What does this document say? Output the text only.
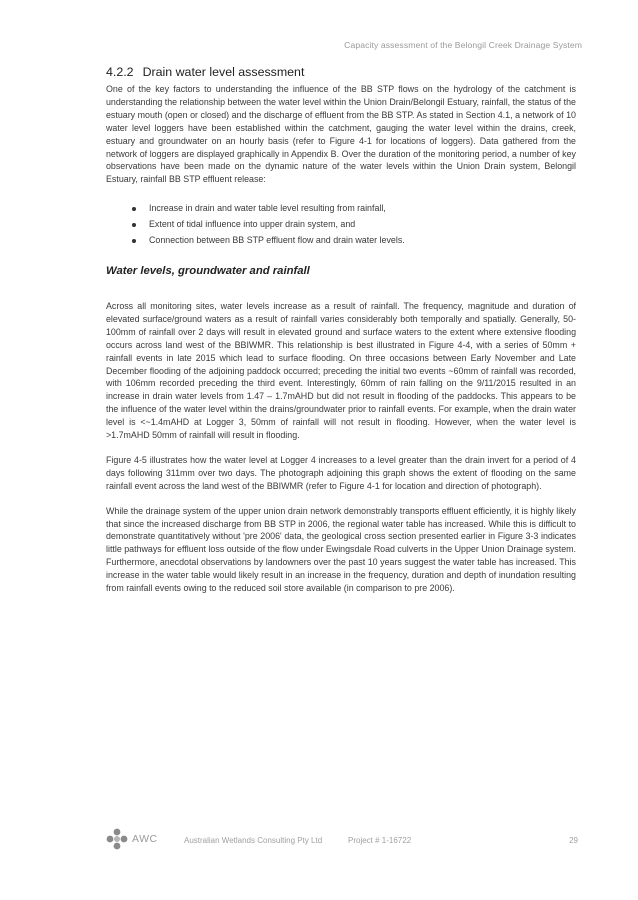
Capacity assessment of the Belongil Creek Drainage System
4.2.2 Drain water level assessment

One of the key factors to understanding the influence of the BB STP flows on the hydrology of the catchment is understanding the relationship between the water level within the Union Drain/Belongil Estuary, rainfall, the status of the estuary mouth (open or closed) and the discharge of effluent from the BB STP. As stated in Section 4.1, a network of 10 water level loggers have been established within the catchment, gauging the water level within the drains, creek, estuary and groundwater on an hourly basis (refer to Figure 4-1 for locations of loggers). Data gathered from the network of loggers are displayed graphically in Appendix B. Over the duration of the monitoring period, a number of key observations have been made on the dynamic nature of the water levels within the Union Drain system, Belongil Estuary, rainfall BB STP effluent release:

Increase in drain and water table level resulting from rainfall,
Extent of tidal influence into upper drain system, and
Connection between BB STP effluent flow and drain water levels.
Water levels, groundwater and rainfall

Across all monitoring sites, water levels increase as a result of rainfall. The frequency, magnitude and duration of elevated surface/ground waters as a result of rainfall varies considerably both temporally and spatially. Generally, 50-100mm of rainfall over 2 days will result in elevated ground and surface waters to the extent where extensive flooding occurs across land west of the BBIWMR. This relationship is best illustrated in Figure 4-4, with a series of 50mm + rainfall events in late 2015 which lead to surface flooding. On three occasions between Early November and Late December flooding of the adjoining paddock occurred; preceding the initial two events ~60mm of rainfall was recorded, with 106mm recorded preceding the third event. Interestingly, 60mm of rain falling on the 9/11/2015 resulted in an increase in drain water levels from 1.47 – 1.7mAHD but did not result in flooding of the paddocks. This appears to be the influence of the water level within the drains/groundwater prior to rainfall events. For example, when the drain water level is <~1.4mAHD at Logger 3, 50mm of rainfall will not result in flooding. However, when the water level is >1.7mAHD 50mm of rainfall will result in flooding.

Figure 4-5 illustrates how the water level at Logger 4 increases to a level greater than the drain invert for a period of 4 days following 311mm over two days. The photograph adjoining this graph shows the extent of flooding on the same rainfall event across the land west of the BBIWMR (refer to Figure 4-1 for location and direction of photograph).

While the drainage system of the upper union drain network demonstrably transports effluent efficiently, it is highly likely that since the increased discharge from BB STP in 2006, the regional water table has increased. While this is difficult to demonstrate quantitatively without 'pre 2006' data, the geological cross section presented earlier in Figure 3-3 indicates little pathways for effluent loss outside of the flow under Ewingsdale Road culverts in the Upper Union Drainage system. Furthermore, anecdotal observations by landowners over the past 10 years suggest the water table has increased. This increase in the water table would likely result in an increase in the frequency, duration and depth of inundation resulting from rainfall events owing to the reduced soil store available (in comparison to pre 2006).

AWC	Australian Wetlands Consulting Pty Ltd	Project # 1-16722	29
